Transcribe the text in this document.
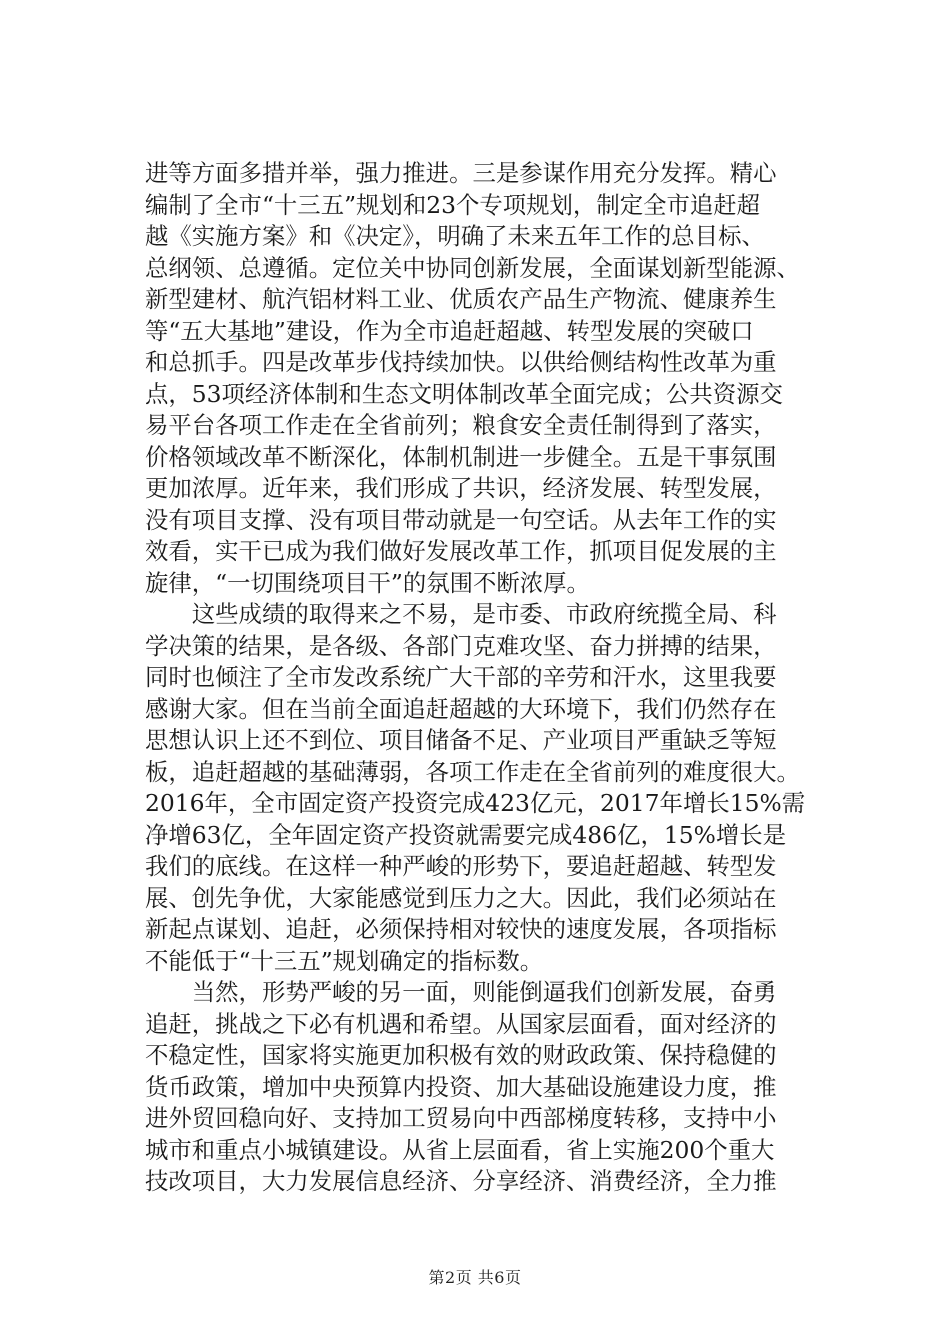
进等方面多措并举，强力推进。三是参谋作用充分发挥。精心
编制了全市“十三五”规划和23个专项规划，制定全市追赶超
越《实施方案》和《决定》，明确了未来五年工作的总目标、
总纲领、总遵循。定位关中协同创新发展，全面谋划新型能源、
新型建材、航汽铝材料工业、优质农产品生产物流、健康养生
等“五大基地”建设，作为全市追赶超越、转型发展的突破口
和总抓手。四是改革步伐持续加快。以供给侧结构性改革为重
点，53项经济体制和生态文明体制改革全面完成；公共资源交
易平台各项工作走在全省前列；粮食安全责任制得到了落实，
价格领域改革不断深化，体制机制进一步健全。五是干事氛围
更加浓厚。近年来，我们形成了共识，经济发展、转型发展，
没有项目支撑、没有项目带动就是一句空话。从去年工作的实
效看，实干已成为我们做好发展改革工作，抓项目促发展的主
旋律，“一切围绕项目干”的氛围不断浓厚。
　　这些成绩的取得来之不易，是市委、市政府统揽全局、科
学决策的结果，是各级、各部门克难攻坚、奋力拼搏的结果，
同时也倾注了全市发改系统广大干部的辛劳和汗水，这里我要
感谢大家。但在当前全面追赶超越的大环境下，我们仍然存在
思想认识上还不到位、项目储备不足、产业项目严重缺乏等短
板，追赶超越的基础薄弱，各项工作走在全省前列的难度很大。
2016年，全市固定资产投资完成423亿元，2017年增长15%需
净增63亿，全年固定资产投资就需要完成486亿，15%增长是
我们的底线。在这样一种严峻的形势下，要追赶超越、转型发
展、创先争优，大家能感觉到压力之大。因此，我们必须站在
新起点谋划、追赶，必须保持相对较快的速度发展，各项指标
不能低于“十三五”规划确定的指标数。
　　当然，形势严峻的另一面，则能倒逼我们创新发展，奋勇
追赶，挑战之下必有机遇和希望。从国家层面看，面对经济的
不稳定性，国家将实施更加积极有效的财政政策、保持稳健的
货币政策，增加中央预算内投资、加大基础设施建设力度，推
进外贸回稳向好、支持加工贸易向中西部梯度转移，支持中小
城市和重点小城镇建设。从省上层面看，省上实施200个重大
技改项目，大力发展信息经济、分享经济、消费经济，全力推
第2页 共6页
